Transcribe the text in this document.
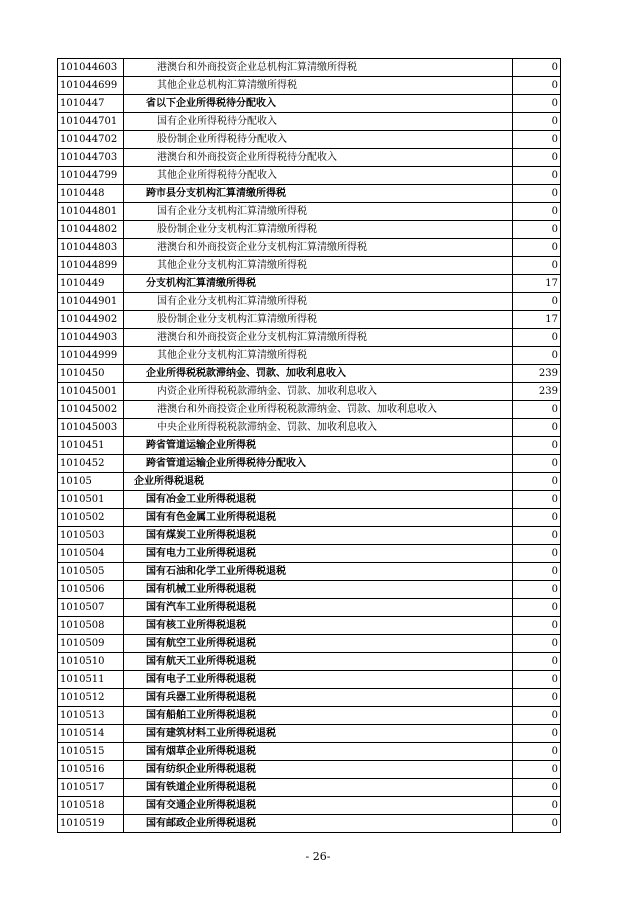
101044603	港澳台和外商投资企业总机构汇算清缴所得税	0
101044699	其他企业总机构汇算清缴所得税	0
1010447	省以下企业所得税待分配收入	0
101044701	国有企业所得税待分配收入	0
101044702	股份制企业所得税待分配收入	0
101044703	港澳台和外商投资企业所得税待分配收入	0
101044799	其他企业所得税待分配收入	0
1010448	跨市县分支机构汇算清缴所得税	0
101044801	国有企业分支机构汇算清缴所得税	0
101044802	股份制企业分支机构汇算清缴所得税	0
101044803	港澳台和外商投资企业分支机构汇算清缴所得税	0
101044899	其他企业分支机构汇算清缴所得税	0
1010449	分支机构汇算清缴所得税	17
101044901	国有企业分支机构汇算清缴所得税	0
101044902	股份制企业分支机构汇算清缴所得税	17
101044903	港澳台和外商投资企业分支机构汇算清缴所得税	0
101044999	其他企业分支机构汇算清缴所得税	0
1010450	企业所得税税款滞纳金、罚款、加收利息收入	239
101045001	内资企业所得税税款滞纳金、罚款、加收利息收入	239
101045002	港澳台和外商投资企业所得税税款滞纳金、罚款、加收利息收入	0
101045003	中央企业所得税税款滞纳金、罚款、加收利息收入	0
1010451	跨省管道运输企业所得税	0
1010452	跨省管道运输企业所得税待分配收入	0
10105	企业所得税退税	0
1010501	国有冶金工业所得税退税	0
1010502	国有有色金属工业所得税退税	0
1010503	国有煤炭工业所得税退税	0
1010504	国有电力工业所得税退税	0
1010505	国有石油和化学工业所得税退税	0
1010506	国有机械工业所得税退税	0
1010507	国有汽车工业所得税退税	0
1010508	国有核工业所得税退税	0
1010509	国有航空工业所得税退税	0
1010510	国有航天工业所得税退税	0
1010511	国有电子工业所得税退税	0
1010512	国有兵器工业所得税退税	0
1010513	国有船舶工业所得税退税	0
1010514	国有建筑材料工业所得税退税	0
1010515	国有烟草企业所得税退税	0
1010516	国有纺织企业所得税退税	0
1010517	国有铁道企业所得税退税	0
1010518	国有交通企业所得税退税	0
1010519	国有邮政企业所得税退税	0
- 26-
